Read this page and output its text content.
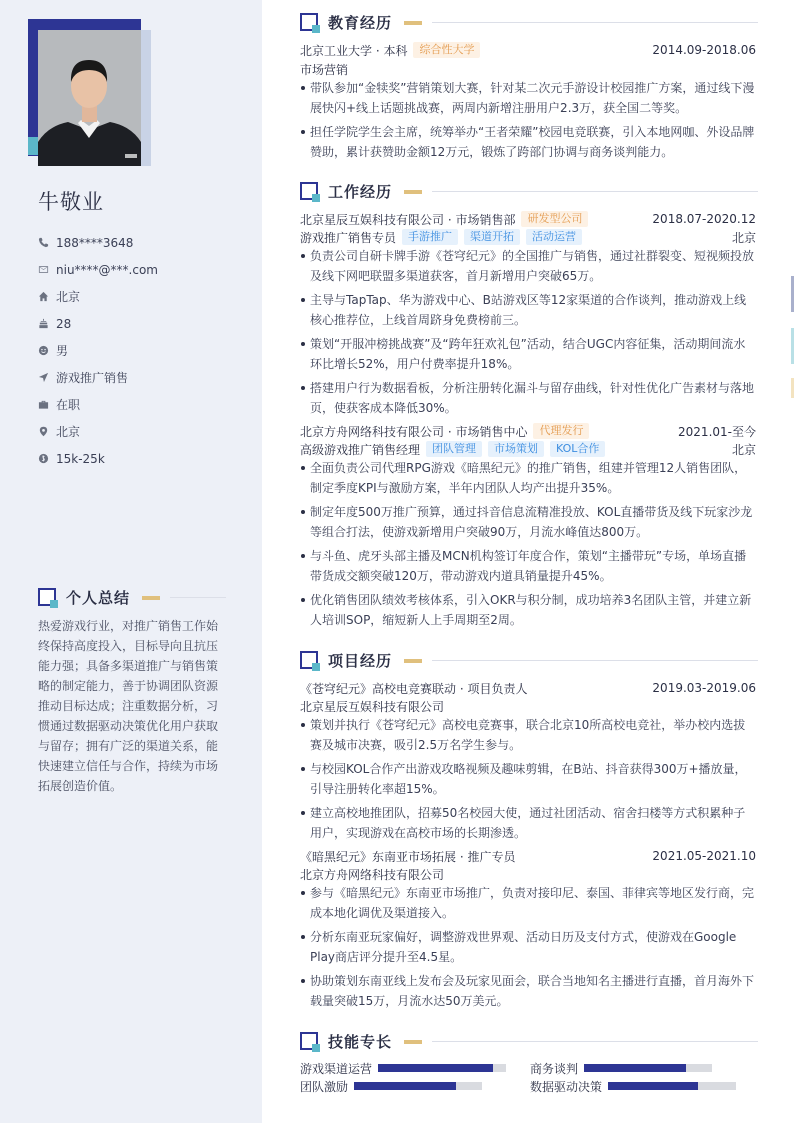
牛敬业
188****3648
niu****@***.com
北京
28
男
游戏推广销售
在职
北京
15k-25k
个人总结
热爱游戏行业，对推广销售工作始终保持高度投入，目标导向且抗压能力强；具备多渠道推广与销售策略的制定能力，善于协调团队资源推动目标达成；注重数据分析，习惯通过数据驱动决策优化用户获取与留存；拥有广泛的渠道关系，能快速建立信任与合作，持续为市场拓展创造价值。
教育经历
北京工业大学 · 本科	综合性大学	2014.09-2018.06
市场营销
带队参加“金犊奖”营销策划大赛，针对某二次元手游设计校园推广方案，通过线下漫展快闪+线上话题挑战赛，两周内新增注册用户2.3万，获全国二等奖。
担任学院学生会主席，统筹举办“王者荣耀”校园电竞联赛，引入本地网咖、外设品牌赞助，累计获赞助金额12万元，锻炼了跨部门协调与商务谈判能力。
工作经历
北京星辰互娱科技有限公司 · 市场销售部	研发型公司	2018.07-2020.12
游戏推广销售专员	手游推广	渠道开拓	活动运营	北京
负责公司自研卡牌手游《苍穹纪元》的全国推广与销售，通过社群裂变、短视频投放及线下网吧联盟多渠道获客，首月新增用户突破65万。
主导与TapTap、华为游戏中心、B站游戏区等12家渠道的合作谈判，推动游戏上线核心推荐位，上线首周跻身免费榜前三。
策划“开服冲榜挑战赛”及“跨年狂欢礼包”活动，结合UGC内容征集，活动期间流水环比增长52%，用户付费率提升18%。
搭建用户行为数据看板，分析注册转化漏斗与留存曲线，针对性优化广告素材与落地页，使获客成本降低30%。
北京方舟网络科技有限公司 · 市场销售中心	代理发行	2021.01-至今
高级游戏推广销售经理	团队管理	市场策划	KOL合作	北京
全面负责公司代理RPG游戏《暗黑纪元》的推广销售，组建并管理12人销售团队，制定季度KPI与激励方案，半年内团队人均产出提升35%。
制定年度500万推广预算，通过抖音信息流精准投放、KOL直播带货及线下玩家沙龙等组合打法，使游戏新增用户突破90万，月流水峰值达800万。
与斗鱼、虎牙头部主播及MCN机构签订年度合作，策划“主播带玩”专场，单场直播带货成交额突破120万，带动游戏内道具销量提升45%。
优化销售团队绩效考核体系，引入OKR与积分制，成功培养3名团队主管，并建立新人培训SOP，缩短新人上手周期至2周。
项目经历
《苍穹纪元》高校电竞赛联动 · 项目负责人	2019.03-2019.06
北京星辰互娱科技有限公司
策划并执行《苍穹纪元》高校电竞赛事，联合北京10所高校电竞社，举办校内选拔赛及城市决赛，吸引2.5万名学生参与。
与校园KOL合作产出游戏攻略视频及趣味剪辑，在B站、抖音获得300万+播放量，引导注册转化率超15%。
建立高校地推团队，招募50名校园大使，通过社团活动、宿舍扫楼等方式积累种子用户，实现游戏在高校市场的长期渗透。
《暗黑纪元》东南亚市场拓展 · 推广专员	2021.05-2021.10
北京方舟网络科技有限公司
参与《暗黑纪元》东南亚市场推广，负责对接印尼、泰国、菲律宾等地区发行商，完成本地化调优及渠道接入。
分析东南亚玩家偏好，调整游戏世界观、活动日历及支付方式，使游戏在Google Play商店评分提升至4.5星。
协助策划东南亚线上发布会及玩家见面会，联合当地知名主播进行直播，首月海外下载量突破15万，月流水达50万美元。
技能专长
游戏渠道运营	商务谈判
团队激励	数据驱动决策
